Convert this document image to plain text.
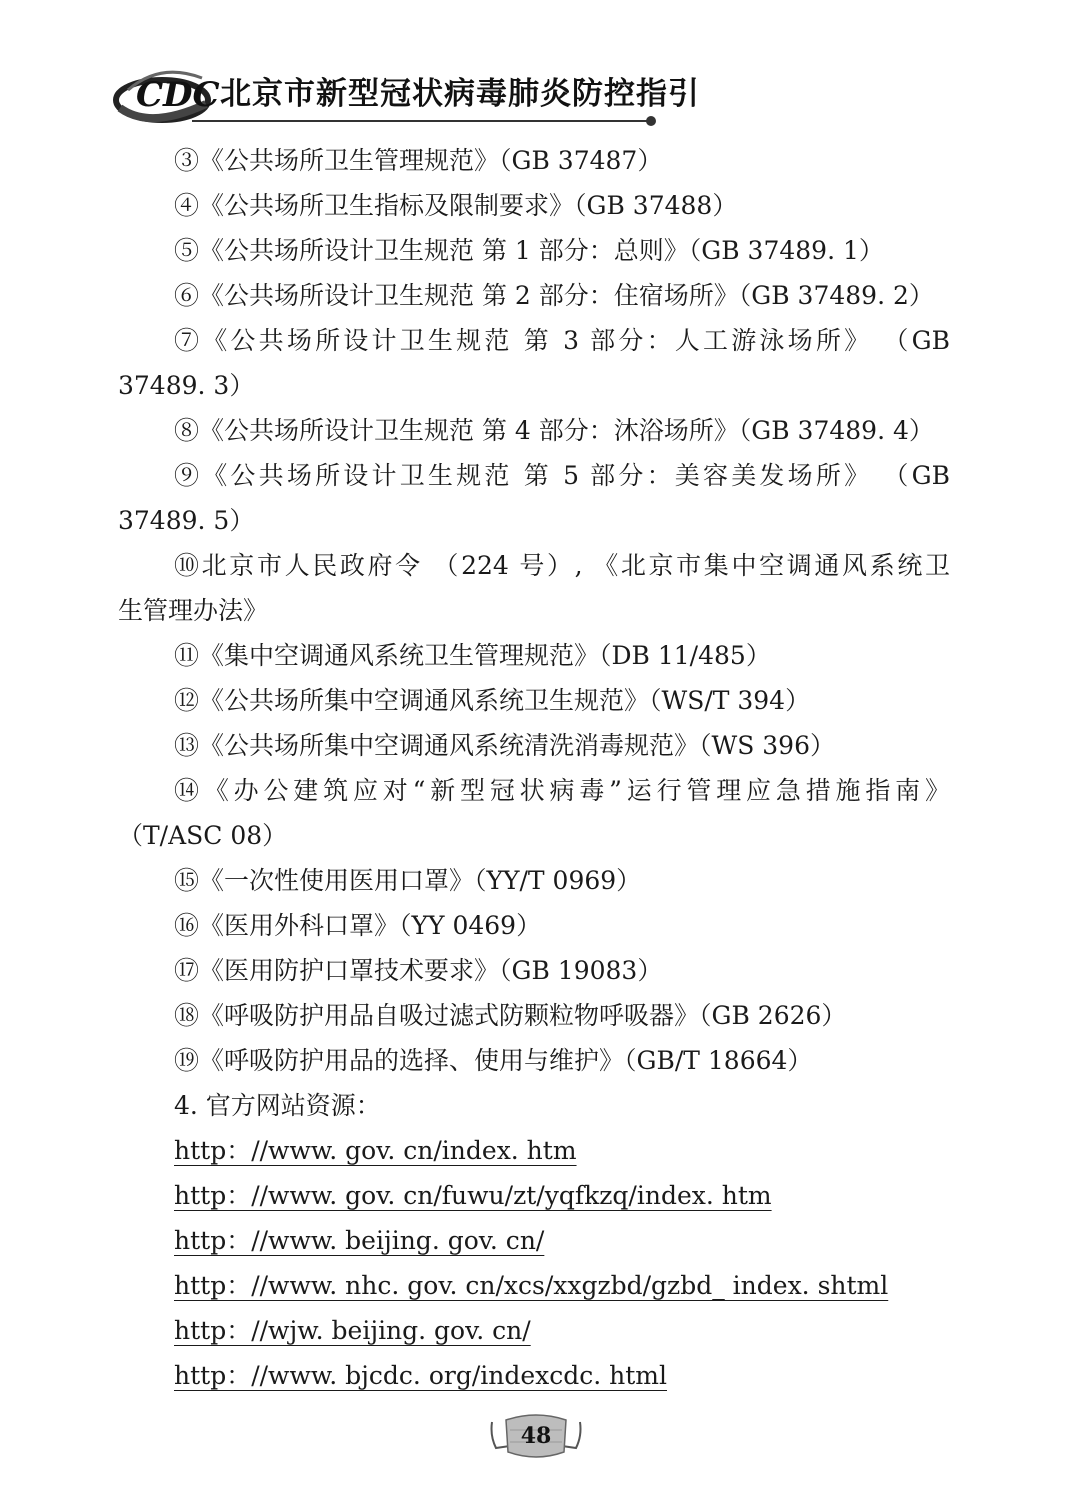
CDC 北京市新型冠状病毒肺炎防控指引
③《公共场所卫生管理规范》（GB 37487）
④《公共场所卫生指标及限制要求》（GB 37488）
⑤《公共场所设计卫生规范 第 1 部分：总则》（GB 37489. 1）
⑥《公共场所设计卫生规范 第 2 部分：住宿场所》（GB 37489. 2）
⑦《公共场所设计卫生规范 第 3 部分：人工游泳场所》 （GB
37489. 3）
⑧《公共场所设计卫生规范 第 4 部分：沐浴场所》（GB 37489. 4）
⑨《公共场所设计卫生规范 第 5 部分：美容美发场所》 （GB
37489. 5）
⑩北京市人民政府令 （224 号）, 《北京市集中空调通风系统卫
生管理办法》
⑪《集中空调通风系统卫生管理规范》（DB 11/485）
⑫《公共场所集中空调通风系统卫生规范》（WS/T 394）
⑬《公共场所集中空调通风系统清洗消毒规范》（WS 396）
⑭《办公建筑应对“新型冠状病毒”运行管理应急措施指南》
（T/ASC 08）
⑮《一次性使用医用口罩》（YY/T 0969）
⑯《医用外科口罩》（YY 0469）
⑰《医用防护口罩技术要求》（GB 19083）
⑱《呼吸防护用品自吸过滤式防颗粒物呼吸器》（GB 2626）
⑲《呼吸防护用品的选择、使用与维护》（GB/T 18664）
4. 官方网站资源：
http：//www. gov. cn/index. htm
http：//www. gov. cn/fuwu/zt/yqfkzq/index. htm
http：//www. beijing. gov. cn/
http：//www. nhc. gov. cn/xcs/xxgzbd/gzbd_ index. shtml
http：//wjw. beijing. gov. cn/
http：//www. bjcdc. org/indexcdc. html
48
